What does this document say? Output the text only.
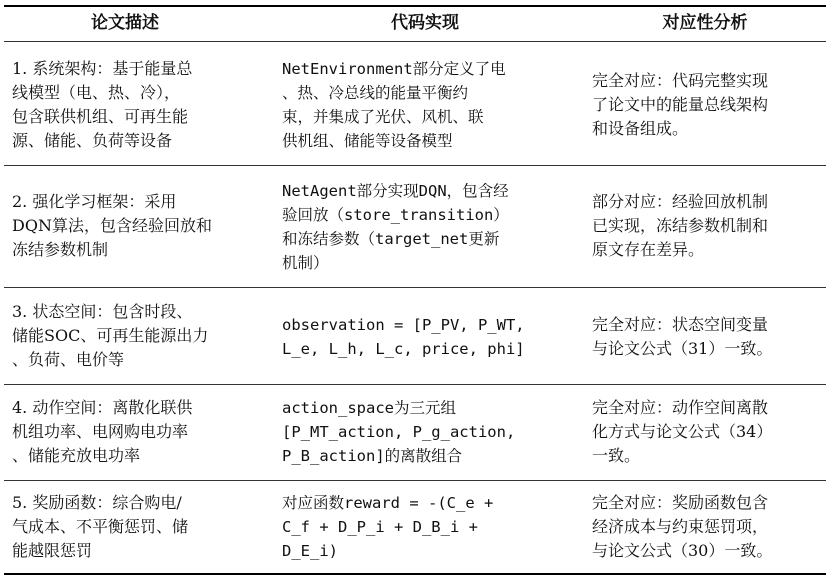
论文描述	代码实现	对应性分析
1. 系统架构：基于能量总
线模型（电、热、冷），
包含联供机组、可再生能
源、储能、负荷等设备
NetEnvironment部分定义了电
、热、冷总线的能量平衡约
束，并集成了光伏、风机、联
供机组、储能等设备模型
完全对应：代码完整实现
了论文中的能量总线架构
和设备组成。
2. 强化学习框架：采用
DQN算法，包含经验回放和
冻结参数机制
NetAgent部分实现DQN，包含经
验回放（store_transition）
和冻结参数（target_net更新
机制）
部分对应：经验回放机制
已实现，冻结参数机制和
原文存在差异。
3. 状态空间：包含时段、
储能SOC、可再生能源出力
、负荷、电价等
observation = [P_PV, P_WT,
L_e, L_h, L_c, price, phi]
完全对应：状态空间变量
与论文公式（31）一致。
4. 动作空间：离散化联供
机组功率、电网购电功率
、储能充放电功率
action_space为三元组
[P_MT_action, P_g_action,
P_B_action]的离散组合
完全对应：动作空间离散
化方式与论文公式（34）
一致。
5. 奖励函数：综合购电/
气成本、不平衡惩罚、储
能越限惩罚
对应函数reward = -(C_e +
C_f + D_P_i + D_B_i +
D_E_i)
完全对应：奖励函数包含
经济成本与约束惩罚项，
与论文公式（30）一致。
